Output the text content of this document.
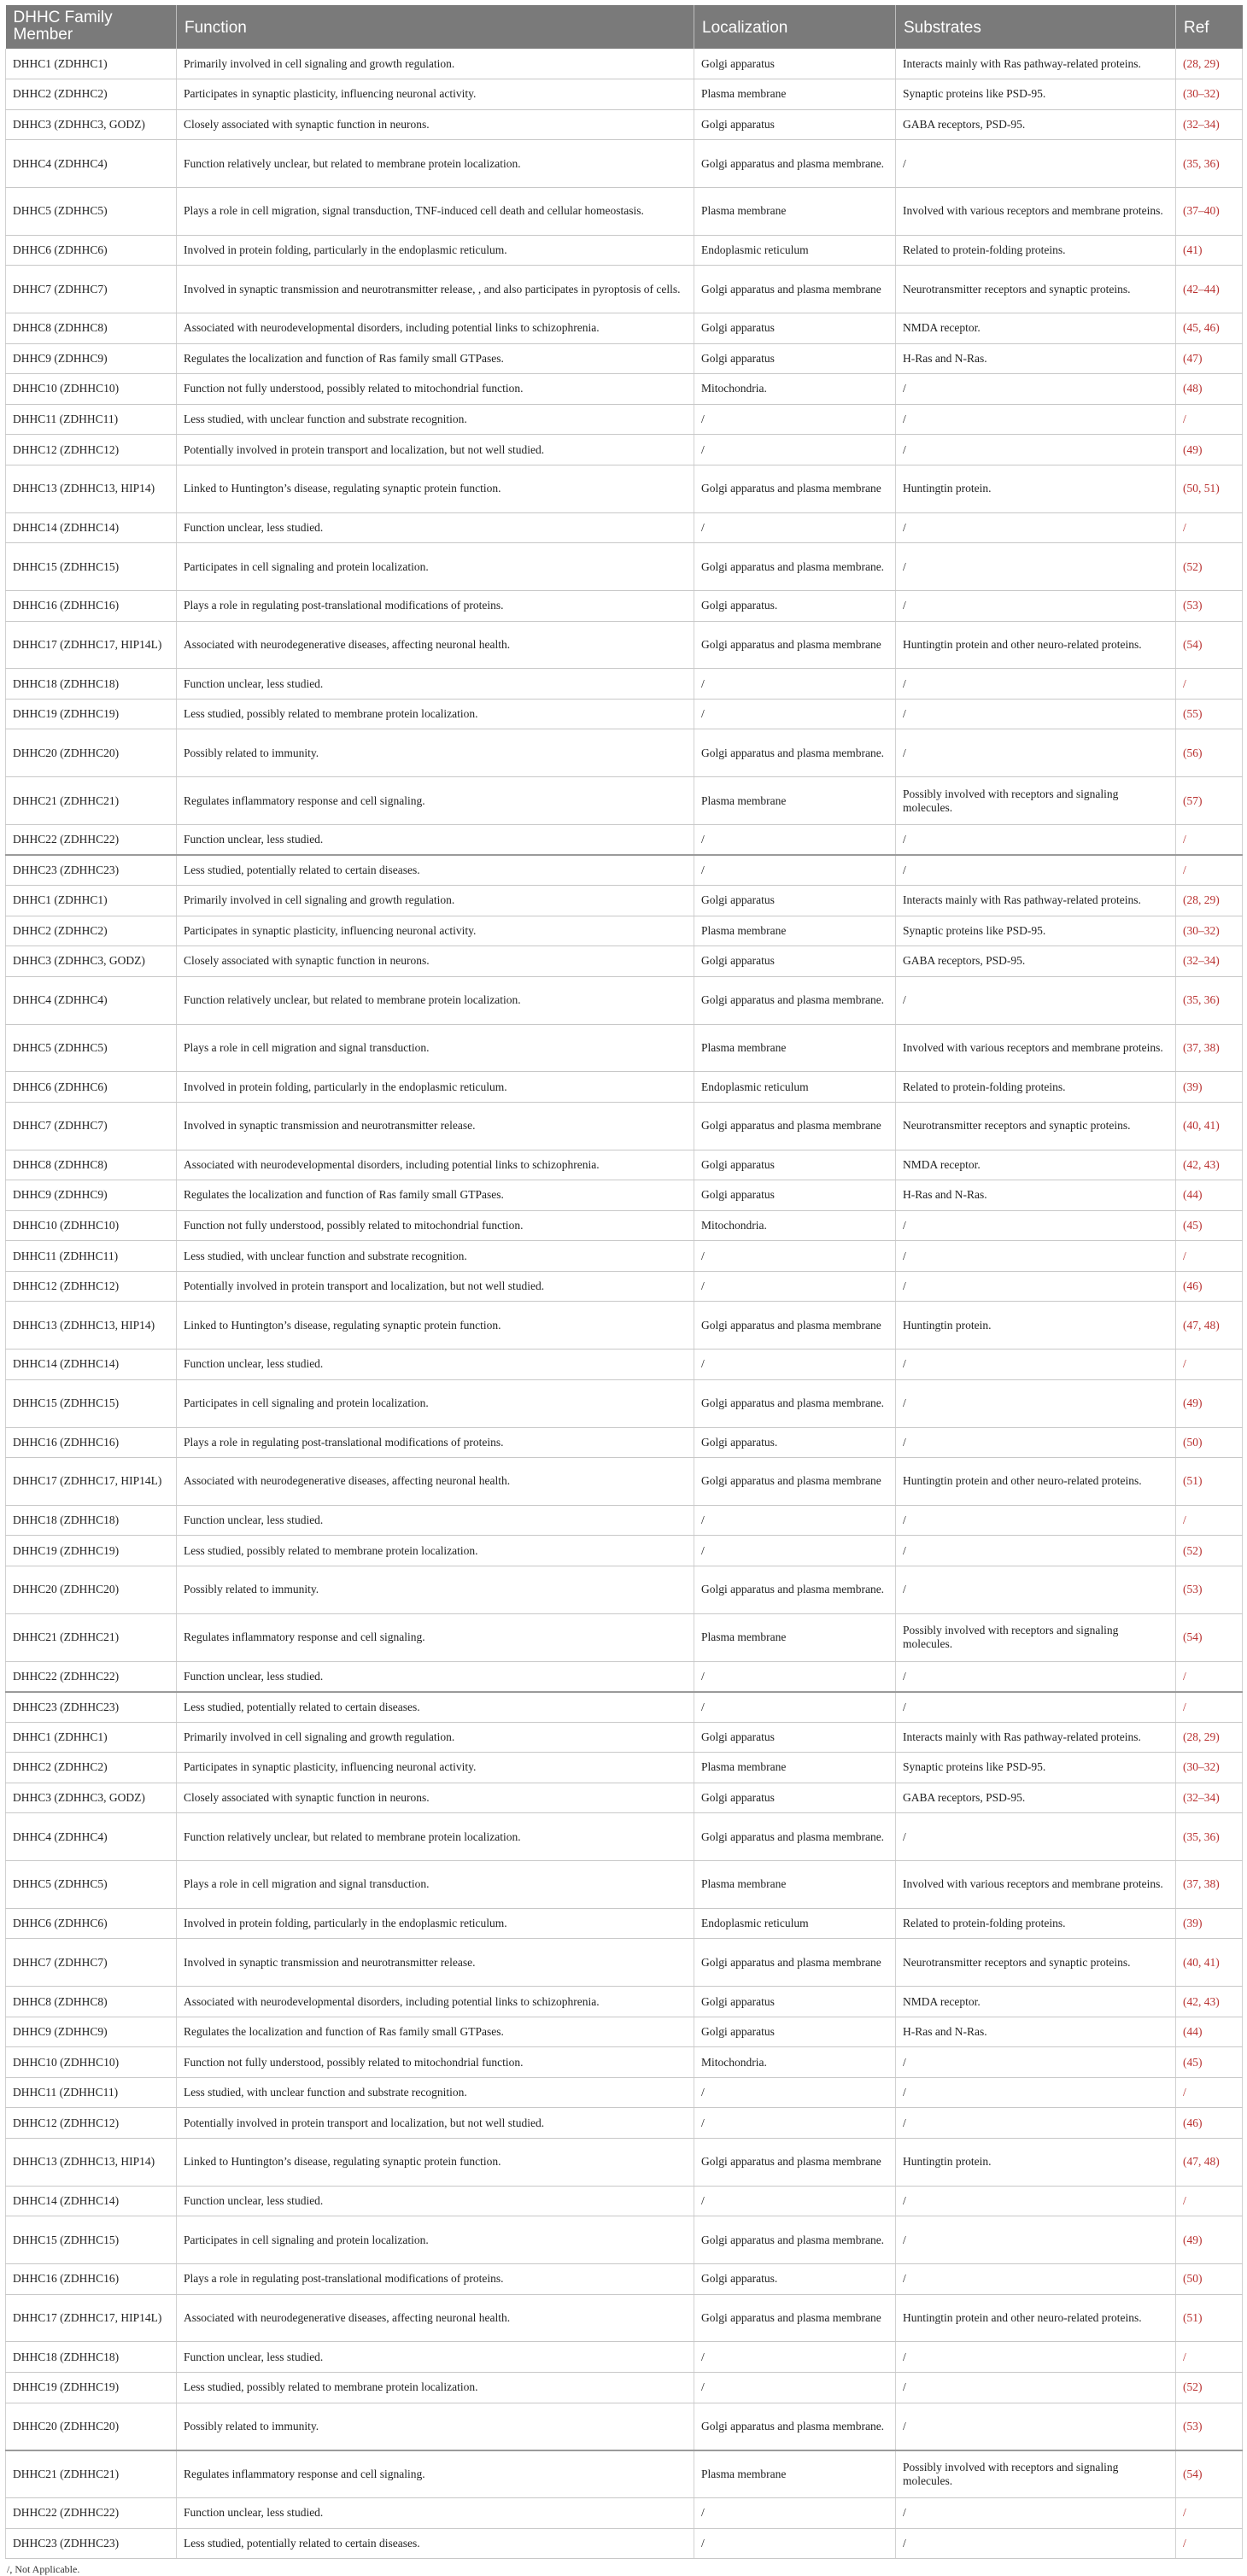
DHHC Family Member	Function	Localization	Substrates	Ref
DHHC1 (ZDHHC1)	Primarily involved in cell signaling and growth regulation.	Golgi apparatus	Interacts mainly with Ras pathway-related proteins.	(28, 29)
DHHC2 (ZDHHC2)	Participates in synaptic plasticity, influencing neuronal activity.	Plasma membrane	Synaptic proteins like PSD-95.	(30–32)
DHHC3 (ZDHHC3, GODZ)	Closely associated with synaptic function in neurons.	Golgi apparatus	GABA receptors, PSD-95.	(32–34)
DHHC4 (ZDHHC4)	Function relatively unclear, but related to membrane protein localization.	Golgi apparatus and plasma membrane.	/	(35, 36)
DHHC5 (ZDHHC5)	Plays a role in cell migration, signal transduction, TNF-induced cell death and cellular homeostasis.	Plasma membrane	Involved with various receptors and membrane proteins.	(37–40)
DHHC6 (ZDHHC6)	Involved in protein folding, particularly in the endoplasmic reticulum.	Endoplasmic reticulum	Related to protein-folding proteins.	(41)
DHHC7 (ZDHHC7)	Involved in synaptic transmission and neurotransmitter release, , and also participates in pyroptosis of cells.	Golgi apparatus and plasma membrane	Neurotransmitter receptors and synaptic proteins.	(42–44)
DHHC8 (ZDHHC8)	Associated with neurodevelopmental disorders, including potential links to schizophrenia.	Golgi apparatus	NMDA receptor.	(45, 46)
DHHC9 (ZDHHC9)	Regulates the localization and function of Ras family small GTPases.	Golgi apparatus	H-Ras and N-Ras.	(47)
DHHC10 (ZDHHC10)	Function not fully understood, possibly related to mitochondrial function.	Mitochondria.	/	(48)
DHHC11 (ZDHHC11)	Less studied, with unclear function and substrate recognition.	/	/	/
DHHC12 (ZDHHC12)	Potentially involved in protein transport and localization, but not well studied.	/	/	(49)
DHHC13 (ZDHHC13, HIP14)	Linked to Huntington’s disease, regulating synaptic protein function.	Golgi apparatus and plasma membrane	Huntingtin protein.	(50, 51)
DHHC14 (ZDHHC14)	Function unclear, less studied.	/	/	/
DHHC15 (ZDHHC15)	Participates in cell signaling and protein localization.	Golgi apparatus and plasma membrane.	/	(52)
DHHC16 (ZDHHC16)	Plays a role in regulating post-translational modifications of proteins.	Golgi apparatus.	/	(53)
DHHC17 (ZDHHC17, HIP14L)	Associated with neurodegenerative diseases, affecting neuronal health.	Golgi apparatus and plasma membrane	Huntingtin protein and other neuro-related proteins.	(54)
DHHC18 (ZDHHC18)	Function unclear, less studied.	/	/	/
DHHC19 (ZDHHC19)	Less studied, possibly related to membrane protein localization.	/	/	(55)
DHHC20 (ZDHHC20)	Possibly related to immunity.	Golgi apparatus and plasma membrane.	/	(56)
DHHC21 (ZDHHC21)	Regulates inflammatory response and cell signaling.	Plasma membrane	Possibly involved with receptors and signaling molecules.	(57)
DHHC22 (ZDHHC22)	Function unclear, less studied.	/	/	/
DHHC23 (ZDHHC23)	Less studied, potentially related to certain diseases.	/	/	/
DHHC1 (ZDHHC1)	Primarily involved in cell signaling and growth regulation.	Golgi apparatus	Interacts mainly with Ras pathway-related proteins.	(28, 29)
DHHC2 (ZDHHC2)	Participates in synaptic plasticity, influencing neuronal activity.	Plasma membrane	Synaptic proteins like PSD-95.	(30–32)
DHHC3 (ZDHHC3, GODZ)	Closely associated with synaptic function in neurons.	Golgi apparatus	GABA receptors, PSD-95.	(32–34)
DHHC4 (ZDHHC4)	Function relatively unclear, but related to membrane protein localization.	Golgi apparatus and plasma membrane.	/	(35, 36)
DHHC5 (ZDHHC5)	Plays a role in cell migration and signal transduction.	Plasma membrane	Involved with various receptors and membrane proteins.	(37, 38)
DHHC6 (ZDHHC6)	Involved in protein folding, particularly in the endoplasmic reticulum.	Endoplasmic reticulum	Related to protein-folding proteins.	(39)
DHHC7 (ZDHHC7)	Involved in synaptic transmission and neurotransmitter release.	Golgi apparatus and plasma membrane	Neurotransmitter receptors and synaptic proteins.	(40, 41)
DHHC8 (ZDHHC8)	Associated with neurodevelopmental disorders, including potential links to schizophrenia.	Golgi apparatus	NMDA receptor.	(42, 43)
DHHC9 (ZDHHC9)	Regulates the localization and function of Ras family small GTPases.	Golgi apparatus	H-Ras and N-Ras.	(44)
DHHC10 (ZDHHC10)	Function not fully understood, possibly related to mitochondrial function.	Mitochondria.	/	(45)
DHHC11 (ZDHHC11)	Less studied, with unclear function and substrate recognition.	/	/	/
DHHC12 (ZDHHC12)	Potentially involved in protein transport and localization, but not well studied.	/	/	(46)
DHHC13 (ZDHHC13, HIP14)	Linked to Huntington’s disease, regulating synaptic protein function.	Golgi apparatus and plasma membrane	Huntingtin protein.	(47, 48)
DHHC14 (ZDHHC14)	Function unclear, less studied.	/	/	/
DHHC15 (ZDHHC15)	Participates in cell signaling and protein localization.	Golgi apparatus and plasma membrane.	/	(49)
DHHC16 (ZDHHC16)	Plays a role in regulating post-translational modifications of proteins.	Golgi apparatus.	/	(50)
DHHC17 (ZDHHC17, HIP14L)	Associated with neurodegenerative diseases, affecting neuronal health.	Golgi apparatus and plasma membrane	Huntingtin protein and other neuro-related proteins.	(51)
DHHC18 (ZDHHC18)	Function unclear, less studied.	/	/	/
DHHC19 (ZDHHC19)	Less studied, possibly related to membrane protein localization.	/	/	(52)
DHHC20 (ZDHHC20)	Possibly related to immunity.	Golgi apparatus and plasma membrane.	/	(53)
DHHC21 (ZDHHC21)	Regulates inflammatory response and cell signaling.	Plasma membrane	Possibly involved with receptors and signaling molecules.	(54)
DHHC22 (ZDHHC22)	Function unclear, less studied.	/	/	/
DHHC23 (ZDHHC23)	Less studied, potentially related to certain diseases.	/	/	/
DHHC1 (ZDHHC1)	Primarily involved in cell signaling and growth regulation.	Golgi apparatus	Interacts mainly with Ras pathway-related proteins.	(28, 29)
DHHC2 (ZDHHC2)	Participates in synaptic plasticity, influencing neuronal activity.	Plasma membrane	Synaptic proteins like PSD-95.	(30–32)
DHHC3 (ZDHHC3, GODZ)	Closely associated with synaptic function in neurons.	Golgi apparatus	GABA receptors, PSD-95.	(32–34)
DHHC4 (ZDHHC4)	Function relatively unclear, but related to membrane protein localization.	Golgi apparatus and plasma membrane.	/	(35, 36)
DHHC5 (ZDHHC5)	Plays a role in cell migration and signal transduction.	Plasma membrane	Involved with various receptors and membrane proteins.	(37, 38)
DHHC6 (ZDHHC6)	Involved in protein folding, particularly in the endoplasmic reticulum.	Endoplasmic reticulum	Related to protein-folding proteins.	(39)
DHHC7 (ZDHHC7)	Involved in synaptic transmission and neurotransmitter release.	Golgi apparatus and plasma membrane	Neurotransmitter receptors and synaptic proteins.	(40, 41)
DHHC8 (ZDHHC8)	Associated with neurodevelopmental disorders, including potential links to schizophrenia.	Golgi apparatus	NMDA receptor.	(42, 43)
DHHC9 (ZDHHC9)	Regulates the localization and function of Ras family small GTPases.	Golgi apparatus	H-Ras and N-Ras.	(44)
DHHC10 (ZDHHC10)	Function not fully understood, possibly related to mitochondrial function.	Mitochondria.	/	(45)
DHHC11 (ZDHHC11)	Less studied, with unclear function and substrate recognition.	/	/	/
DHHC12 (ZDHHC12)	Potentially involved in protein transport and localization, but not well studied.	/	/	(46)
DHHC13 (ZDHHC13, HIP14)	Linked to Huntington’s disease, regulating synaptic protein function.	Golgi apparatus and plasma membrane	Huntingtin protein.	(47, 48)
DHHC14 (ZDHHC14)	Function unclear, less studied.	/	/	/
DHHC15 (ZDHHC15)	Participates in cell signaling and protein localization.	Golgi apparatus and plasma membrane.	/	(49)
DHHC16 (ZDHHC16)	Plays a role in regulating post-translational modifications of proteins.	Golgi apparatus.	/	(50)
DHHC17 (ZDHHC17, HIP14L)	Associated with neurodegenerative diseases, affecting neuronal health.	Golgi apparatus and plasma membrane	Huntingtin protein and other neuro-related proteins.	(51)
DHHC18 (ZDHHC18)	Function unclear, less studied.	/	/	/
DHHC19 (ZDHHC19)	Less studied, possibly related to membrane protein localization.	/	/	(52)
DHHC20 (ZDHHC20)	Possibly related to immunity.	Golgi apparatus and plasma membrane.	/	(53)
DHHC21 (ZDHHC21)	Regulates inflammatory response and cell signaling.	Plasma membrane	Possibly involved with receptors and signaling molecules.	(54)
DHHC22 (ZDHHC22)	Function unclear, less studied.	/	/	/
DHHC23 (ZDHHC23)	Less studied, potentially related to certain diseases.	/	/	/
/, Not Applicable.
